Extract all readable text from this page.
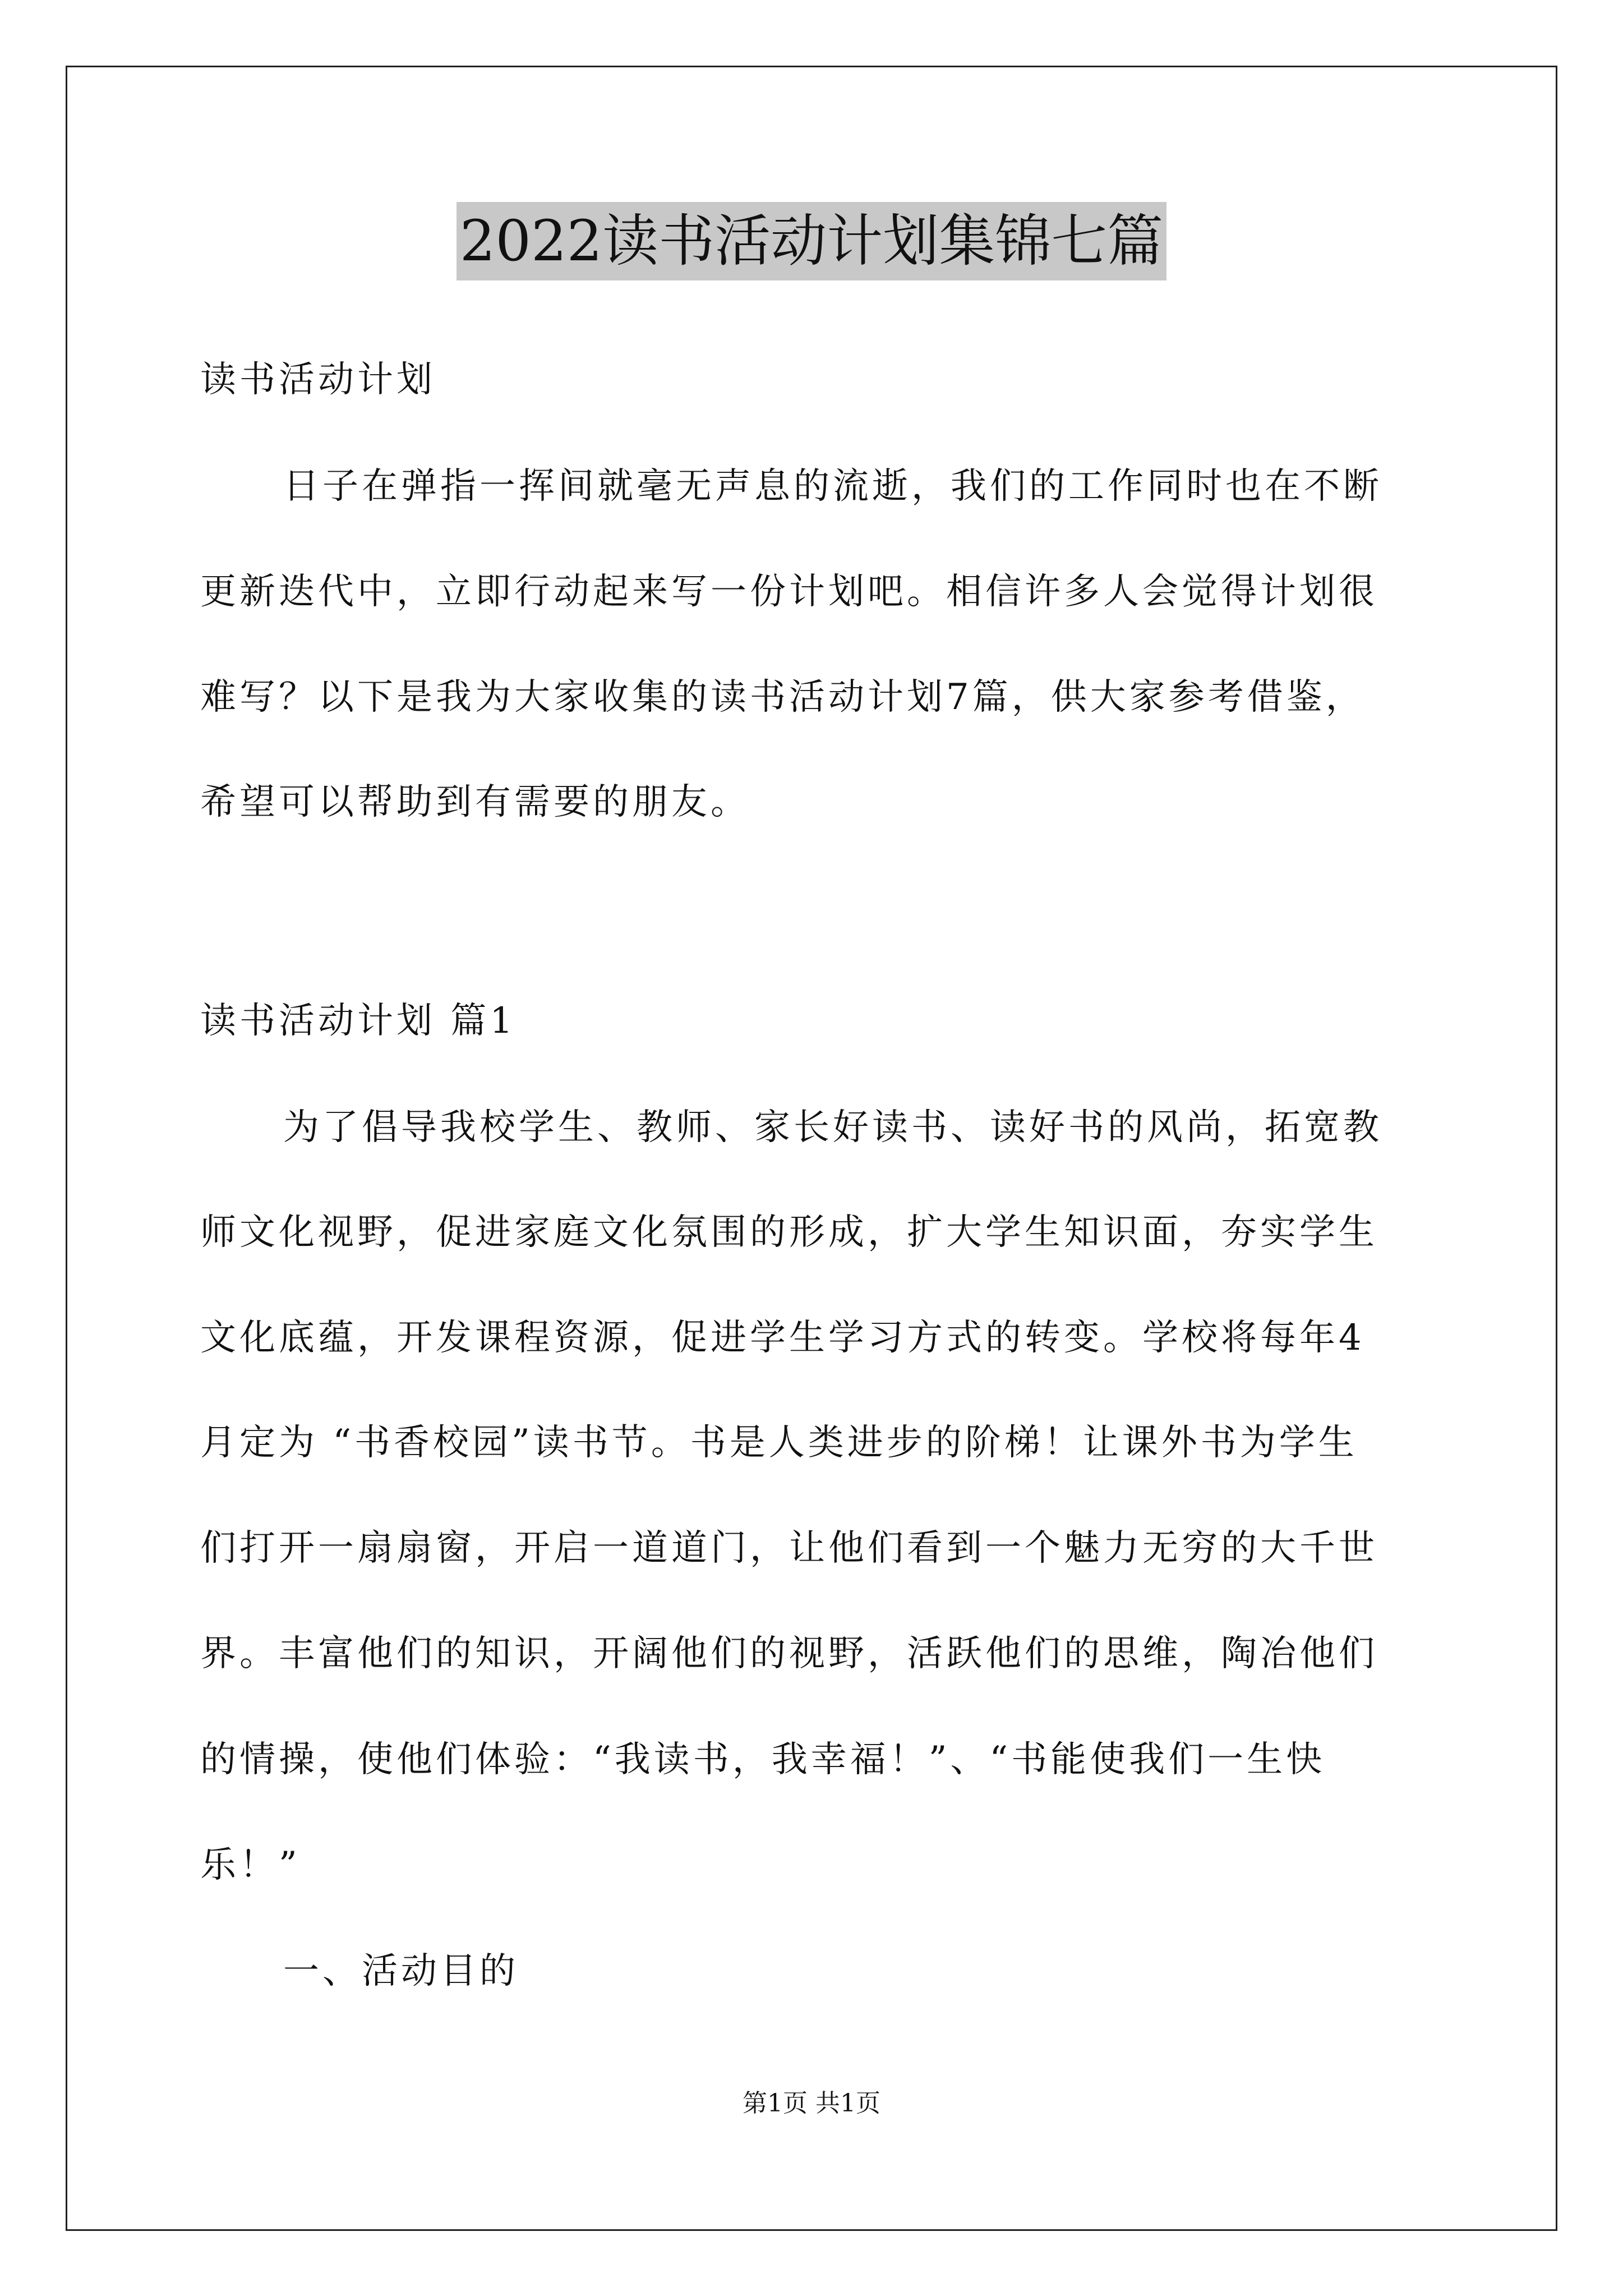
2022读书活动计划集锦七篇
读书活动计划
日子在弹指一挥间就毫无声息的流逝，我们的工作同时也在不断
更新迭代中，立即行动起来写一份计划吧。相信许多人会觉得计划很
难写？以下是我为大家收集的读书活动计划7篇，供大家参考借鉴，
希望可以帮助到有需要的朋友。
读书活动计划 篇1
为了倡导我校学生、教师、家长好读书、读好书的风尚，拓宽教
师文化视野，促进家庭文化氛围的形成，扩大学生知识面，夯实学生
文化底蕴，开发课程资源，促进学生学习方式的转变。学校将每年4
月定为 “书香校园”读书节。书是人类进步的阶梯！让课外书为学生
们打开一扇扇窗，开启一道道门，让他们看到一个魅力无穷的大千世
界。丰富他们的知识，开阔他们的视野，活跃他们的思维，陶冶他们
的情操，使他们体验：“我读书，我幸福！”、“书能使我们一生快
乐！”
一、活动目的
第1页 共1页
